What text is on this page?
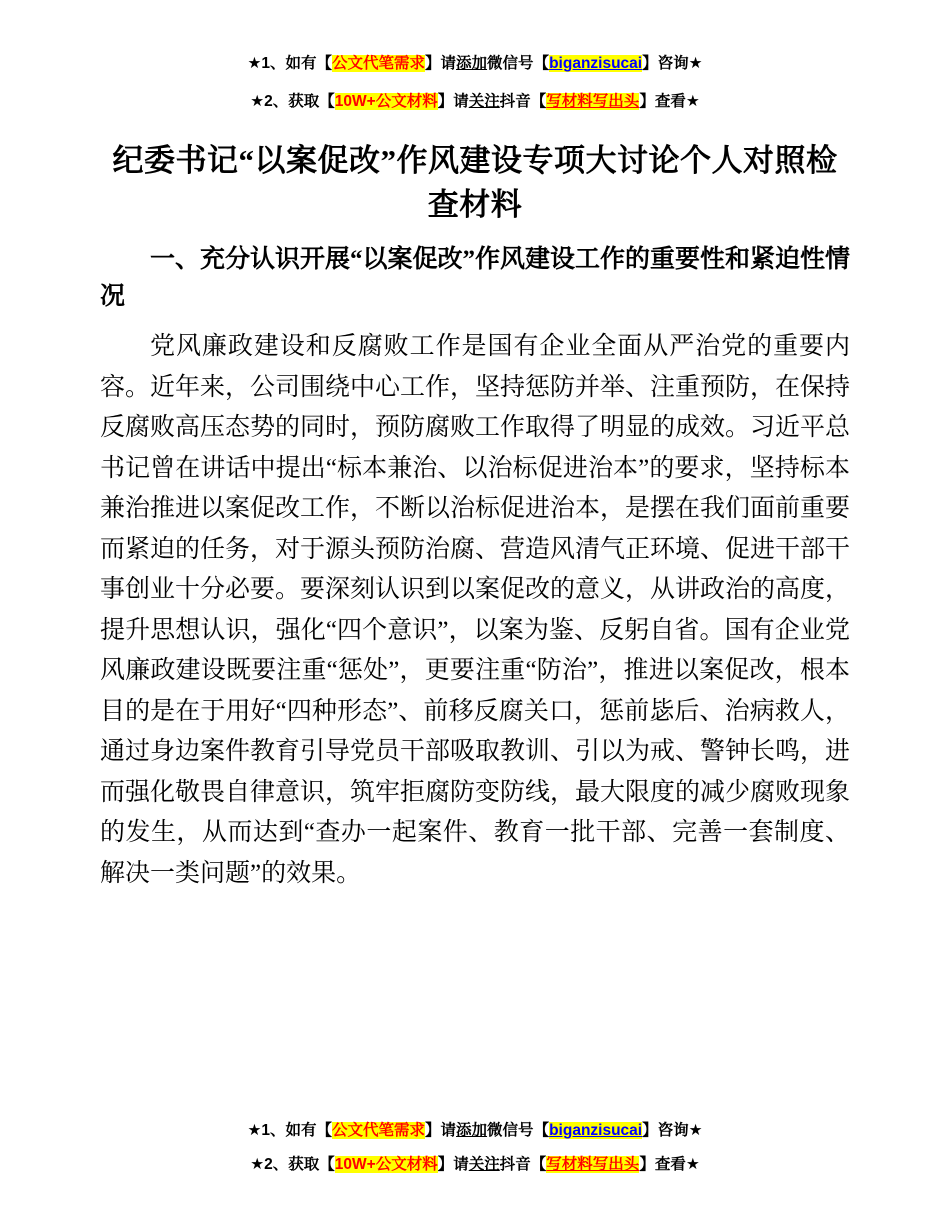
★1、如有【公文代笔需求】请添加微信号【biganzisucai】咨询★
★2、获取【10W+公文材料】请关注抖音【写材料写出头】查看★
纪委书记“以案促改”作风建设专项大讨论个人对照检查材料

一、充分认识开展“以案促改”作风建设工作的重要性和紧迫性情况

党风廉政建设和反腐败工作是国有企业全面从严治党的重要内容。近年来，公司围绕中心工作，坚持惩防并举、注重预防，在保持反腐败高压态势的同时，预防腐败工作取得了明显的成效。习近平总书记曾在讲话中提出“标本兼治、以治标促进治本”的要求，坚持标本兼治推进以案促改工作，不断以治标促进治本，是摆在我们面前重要而紧迫的任务，对于源头预防治腐、营造风清气正环境、促进干部干事创业十分必要。要深刻认识到以案促改的意义，从讲政治的高度，提升思想认识，强化“四个意识”，以案为鉴、反躬自省。国有企业党风廉政建设既要注重“惩处”，更要注重“防治”，推进以案促改，根本目的是在于用好“四种形态”、前移反腐关口，惩前毖后、治病救人，通过身边案件教育引导党员干部吸取教训、引以为戒、警钟长鸣，进而强化敬畏自律意识，筑牢拒腐防变防线，最大限度的减少腐败现象的发生，从而达到“查办一起案件、教育一批干部、完善一套制度、解决一类问题”的效果。

★1、如有【公文代笔需求】请添加微信号【biganzisucai】咨询★
★2、获取【10W+公文材料】请关注抖音【写材料写出头】查看★
